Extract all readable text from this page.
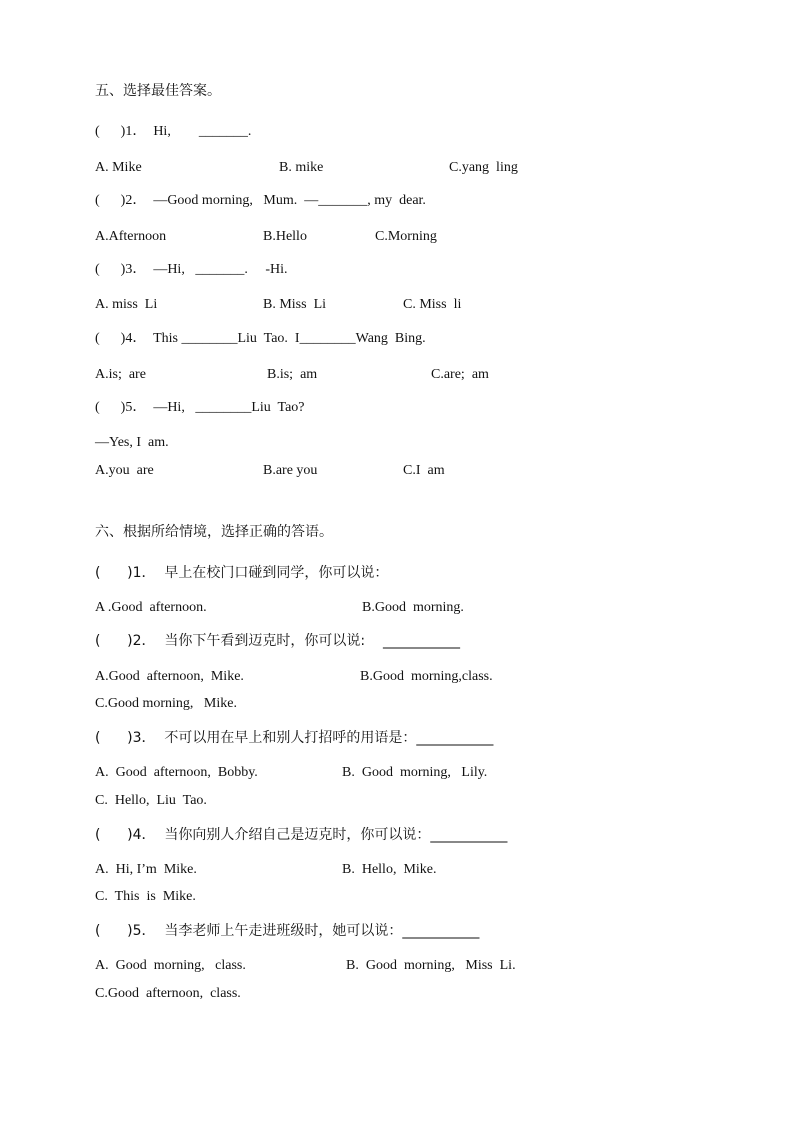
五、选择最佳答案。
(      )1．  Hi,        _______.
A. Mike	B. mike	C.yang  ling
(      )2．  —Good morning,   Mum.  —_______, my  dear.
A.Afternoon	B.Hello	C.Morning
(      )3．  —Hi,   _______.     -Hi.
A. miss  Li	B. Miss  Li	C. Miss  li
(      )4．  This ________Liu  Tao.  I________Wang  Bing.
A.is;  are	B.is;  am	C.are;  am
(      )5．  —Hi,   ________Liu  Tao?
—Yes, I  am.
A.you  are	B.are you	C.I  am
六、根据所给情境，选择正确的答语。
(      )1．  早上在校门口碰到同学，你可以说：
A .Good  afternoon.	B.Good  morning.
(      )2．  当你下午看到迈克时，你可以说:    ___________
A.Good  afternoon,  Mike.	B.Good  morning,class.
C.Good morning,   Mike.
(      )3．  不可以用在早上和别人打招呼的用语是：___________
A.  Good  afternoon,  Bobby.	B.  Good  morning,   Lily.
C.  Hello,  Liu  Tao.
(      )4．  当你向别人介绍自己是迈克时，你可以说：___________
A.  Hi, I’m  Mike.	B.  Hello,  Mike.
C.  This  is  Mike.
(      )5．  当李老师上午走进班级时，她可以说：___________
A.  Good  morning,   class.	B.  Good  morning,   Miss  Li.
C.Good  afternoon,  class.
